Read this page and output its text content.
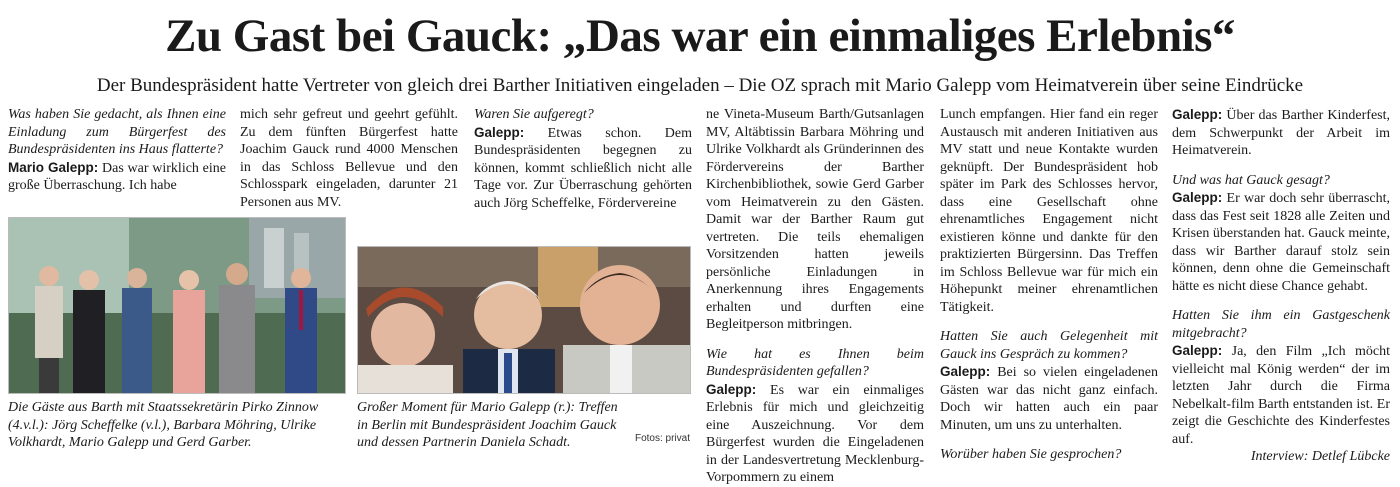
Zu Gast bei Gauck: „Das war ein einmaliges Erlebnis“
Der Bundespräsident hatte Vertreter von gleich drei Barther Initiativen eingeladen – Die OZ sprach mit Mario Galepp vom Heimatverein über seine Eindrücke

Was haben Sie gedacht, als Ihnen eine Einladung zum Bürgerfest des Bundespräsidenten ins Haus flatterte?

Mario Galepp: Das war wirklich eine große Überraschung. Ich habe

mich sehr gefreut und geehrt gefühlt. Zu dem fünften Bürgerfest hatte Joachim Gauck rund 4000 Menschen in das Schloss Bellevue und den Schlosspark eingeladen, darunter 21 Personen aus MV.

Waren Sie aufgeregt?

Galepp: Etwas schon. Dem Bundespräsidenten begegnen zu können, kommt schließlich nicht alle Tage vor. Zur Überraschung gehörten auch Jörg Scheffelke, Fördervereine

ne Vineta-Museum Barth/Gutsanlagen MV, Altäbtissin Barbara Möhring und Ulrike Volkhardt als Gründerinnen des Fördervereins der Barther Kirchenbibliothek, sowie Gerd Garber vom Heimatverein zu den Gästen. Damit war der Barther Raum gut vertreten. Die teils ehemaligen Vorsitzenden hatten jeweils persönliche Einladungen in Anerkennung ihres Engagements erhalten und durften eine Begleitperson mitbringen.

Wie hat es Ihnen beim Bundespräsidenten gefallen?

Galepp: Es war ein einmaliges Erlebnis für mich und gleichzeitig eine Auszeichnung. Vor dem Bürgerfest wurden die Eingeladenen in der Landesvertretung Mecklenburg-Vorpommern zu einem

Lunch empfangen. Hier fand ein reger Austausch mit anderen Initiativen aus MV statt und neue Kontakte wurden geknüpft. Der Bundespräsident hob später im Park des Schlosses hervor, dass eine Gesellschaft ohne ehrenamtliches Engagement nicht existieren könne und dankte für den praktizierten Bürgersinn. Das Treffen im Schloss Bellevue war für mich ein Höhepunkt meiner ehrenamtlichen Tätigkeit.

Hatten Sie auch Gelegenheit mit Gauck ins Gespräch zu kommen?

Galepp: Bei so vielen eingeladenen Gästen war das nicht ganz einfach. Doch wir hatten auch ein paar Minuten, um uns zu unterhalten.

Worüber haben Sie gesprochen?

Galepp: Über das Barther Kinderfest, dem Schwerpunkt der Arbeit im Heimatverein.

Und was hat Gauck gesagt?

Galepp: Er war doch sehr überrascht, dass das Fest seit 1828 alle Zeiten und Krisen überstanden hat. Gauck meinte, dass wir Barther darauf stolz sein können, denn ohne die Gemeinschaft hätte es nicht diese Chance gehabt.

Hatten Sie ihm ein Gastgeschenk mitgebracht?

Galepp: Ja, den Film „Ich möcht vielleicht mal König werden“ der im letzten Jahr durch die Firma Nebelkalt-film Barth entstanden ist. Er zeigt die Geschichte des Kinderfestes auf.

Interview: Detlef Lübcke

Die Gäste aus Barth mit Staatssekretärin Pirko Zinnow (4.v.l.): Jörg Scheffelke (v.l.), Barbara Möhring, Ulrike Volkhardt, Mario Galepp und Gerd Garber.
Großer Moment für Mario Galepp (r.): Treffen in Berlin mit Bundespräsident Joachim Gauck und dessen Partnerin Daniela Schadt.	Fotos: privat
